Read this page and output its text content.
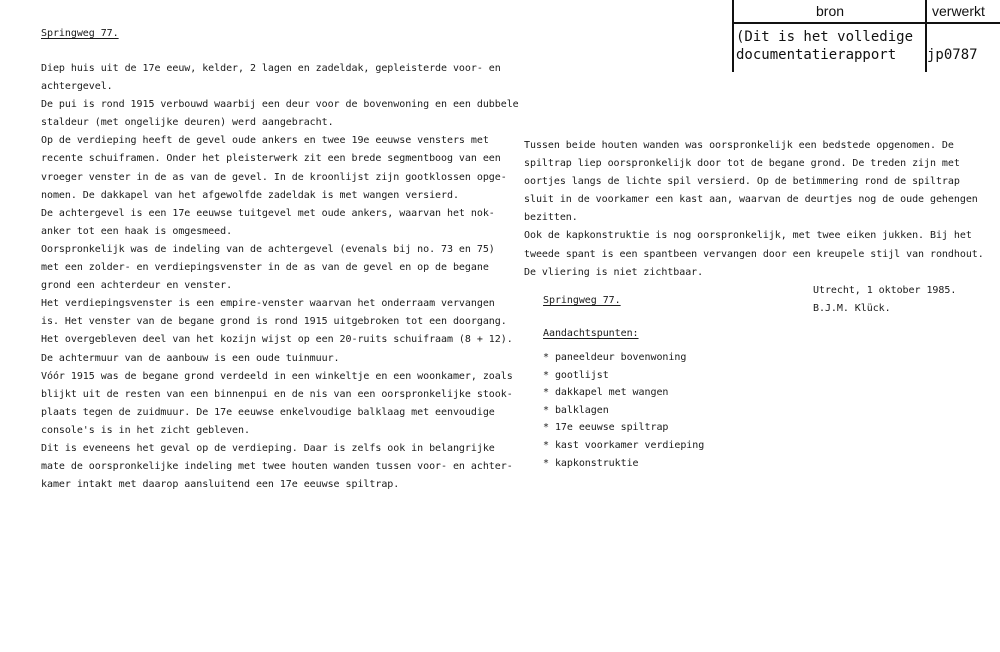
bron	verwerkt
(Dit is het volledige
documentatierapport jp0787
Springweg 77.

Diep huis uit de 17e eeuw, kelder, 2 lagen en zadeldak, gepleisterde voor- en

achtergevel.

De pui is rond 1915 verbouwd waarbij een deur voor de bovenwoning en een dubbele

staldeur (met ongelijke deuren) werd aangebracht.

Op de verdieping heeft de gevel oude ankers en twee 19e eeuwse vensters met

recente schuiframen. Onder het pleisterwerk zit een brede segmentboog van een

vroeger venster in de as van de gevel. In de kroonlijst zijn gootklossen opge-

nomen. De dakkapel van het afgewolfde zadeldak is met wangen versierd.

De achtergevel is een 17e eeuwse tuitgevel met oude ankers, waarvan het nok-

anker tot een haak is omgesmeed.

Oorspronkelijk was de indeling van de achtergevel (evenals bij no. 73 en 75)

met een zolder- en verdiepingsvenster in de as van de gevel en op de begane

grond een achterdeur en venster.

Het verdiepingsvenster is een empire-venster waarvan het onderraam vervangen

is. Het venster van de begane grond is rond 1915 uitgebroken tot een doorgang.

Het overgebleven deel van het kozijn wijst op een 20-ruits schuifraam (8 + 12).

De achtermuur van de aanbouw is een oude tuinmuur.

Vóór 1915 was de begane grond verdeeld in een winkeltje en een woonkamer, zoals

blijkt uit de resten van een binnenpui en de nis van een oorspronkelijke stook-

plaats tegen de zuidmuur. De 17e eeuwse enkelvoudige balklaag met eenvoudige

console's is in het zicht gebleven.

Dit is eveneens het geval op de verdieping. Daar is zelfs ook in belangrijke

mate de oorspronkelijke indeling met twee houten wanden tussen voor- en achter-

kamer intakt met daarop aansluitend een 17e eeuwse spiltrap.

Tussen beide houten wanden was oorspronkelijk een bedstede opgenomen. De

spiltrap liep oorspronkelijk door tot de begane grond. De treden zijn met

oortjes langs de lichte spil versierd. Op de betimmering rond de spiltrap

sluit in de voorkamer een kast aan, waarvan de deurtjes nog de oude gehengen

bezitten.

Ook de kapkonstruktie is nog oorspronkelijk, met twee eiken jukken. Bij het

tweede spant is een spantbeen vervangen door een kreupele stijl van rondhout.

De vliering is niet zichtbaar.

Utrecht, 1 oktober 1985.
B.J.M. Klück.
Springweg 77.
Aandachtspunten:
* paneeldeur bovenwoning
* gootlijst
* dakkapel met wangen
* balklagen
* 17e eeuwse spiltrap
* kast voorkamer verdieping
* kapkonstruktie
